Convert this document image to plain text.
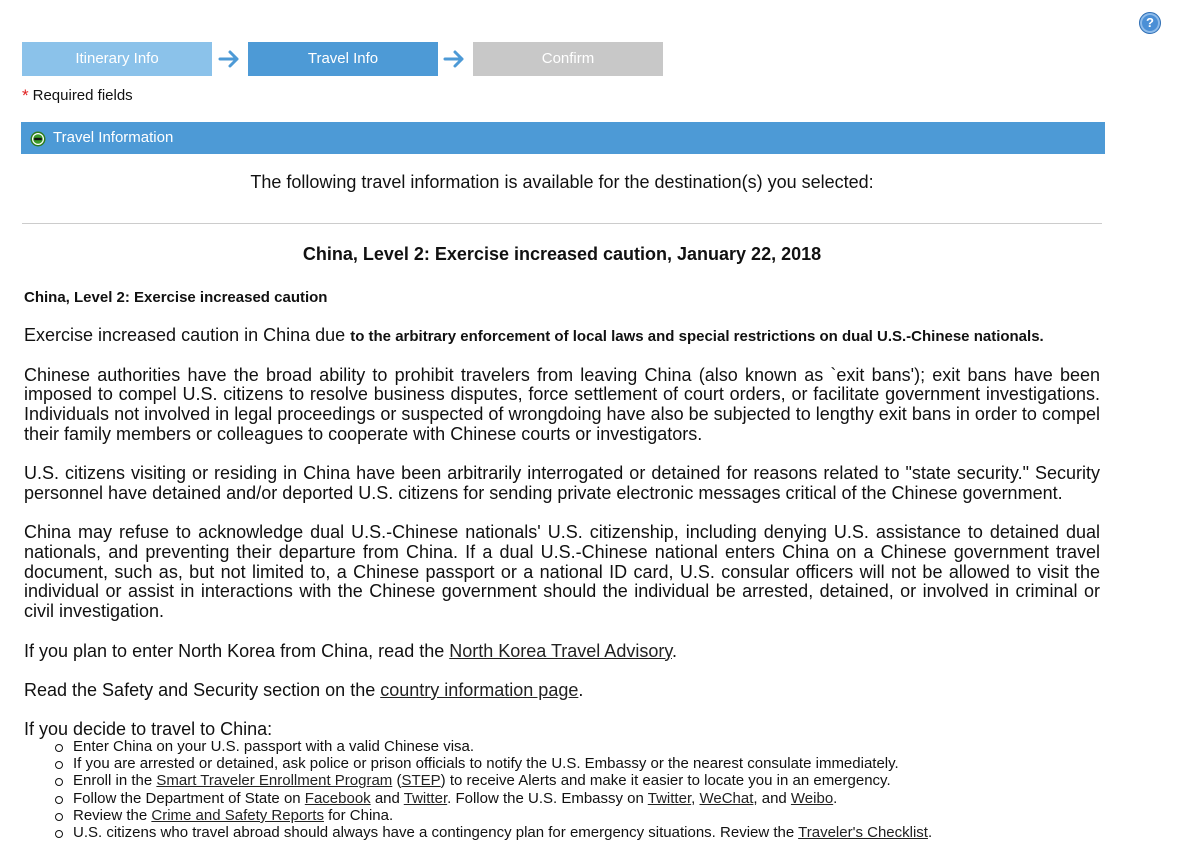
?
Itinerary Info	Travel Info	Confirm
* Required fields
Travel Information
The following travel information is available for the destination(s) you selected:
China, Level 2: Exercise increased caution, January 22, 2018
China, Level 2: Exercise increased caution

Exercise increased caution in China due to the arbitrary enforcement of local laws and special restrictions on dual U.S.-Chinese nationals.

Chinese authorities have the broad ability to prohibit travelers from leaving China (also known as `exit bans'); exit bans have been imposed to compel U.S. citizens to resolve business disputes, force settlement of court orders, or facilitate government investigations. Individuals not involved in legal proceedings or suspected of wrongdoing have also be subjected to lengthy exit bans in order to compel their family members or colleagues to cooperate with Chinese courts or investigators.

U.S. citizens visiting or residing in China have been arbitrarily interrogated or detained for reasons related to "state security." Security personnel have detained and/or deported U.S. citizens for sending private electronic messages critical of the Chinese government.

China may refuse to acknowledge dual U.S.-Chinese nationals' U.S. citizenship, including denying U.S. assistance to detained dual nationals, and preventing their departure from China. If a dual U.S.-Chinese national enters China on a Chinese government travel document, such as, but not limited to, a Chinese passport or a national ID card, U.S. consular officers will not be allowed to visit the individual or assist in interactions with the Chinese government should the individual be arrested, detained, or involved in criminal or civil investigation.

If you plan to enter North Korea from China, read the North Korea Travel Advisory.

Read the Safety and Security section on the country information page.

If you decide to travel to China:

Enter China on your U.S. passport with a valid Chinese visa.
If you are arrested or detained, ask police or prison officials to notify the U.S. Embassy or the nearest consulate immediately.
Enroll in the Smart Traveler Enrollment Program (STEP) to receive Alerts and make it easier to locate you in an emergency.
Follow the Department of State on Facebook and Twitter. Follow the U.S. Embassy on Twitter, WeChat, and Weibo.
Review the Crime and Safety Reports for China.
U.S. citizens who travel abroad should always have a contingency plan for emergency situations. Review the Traveler's Checklist.
